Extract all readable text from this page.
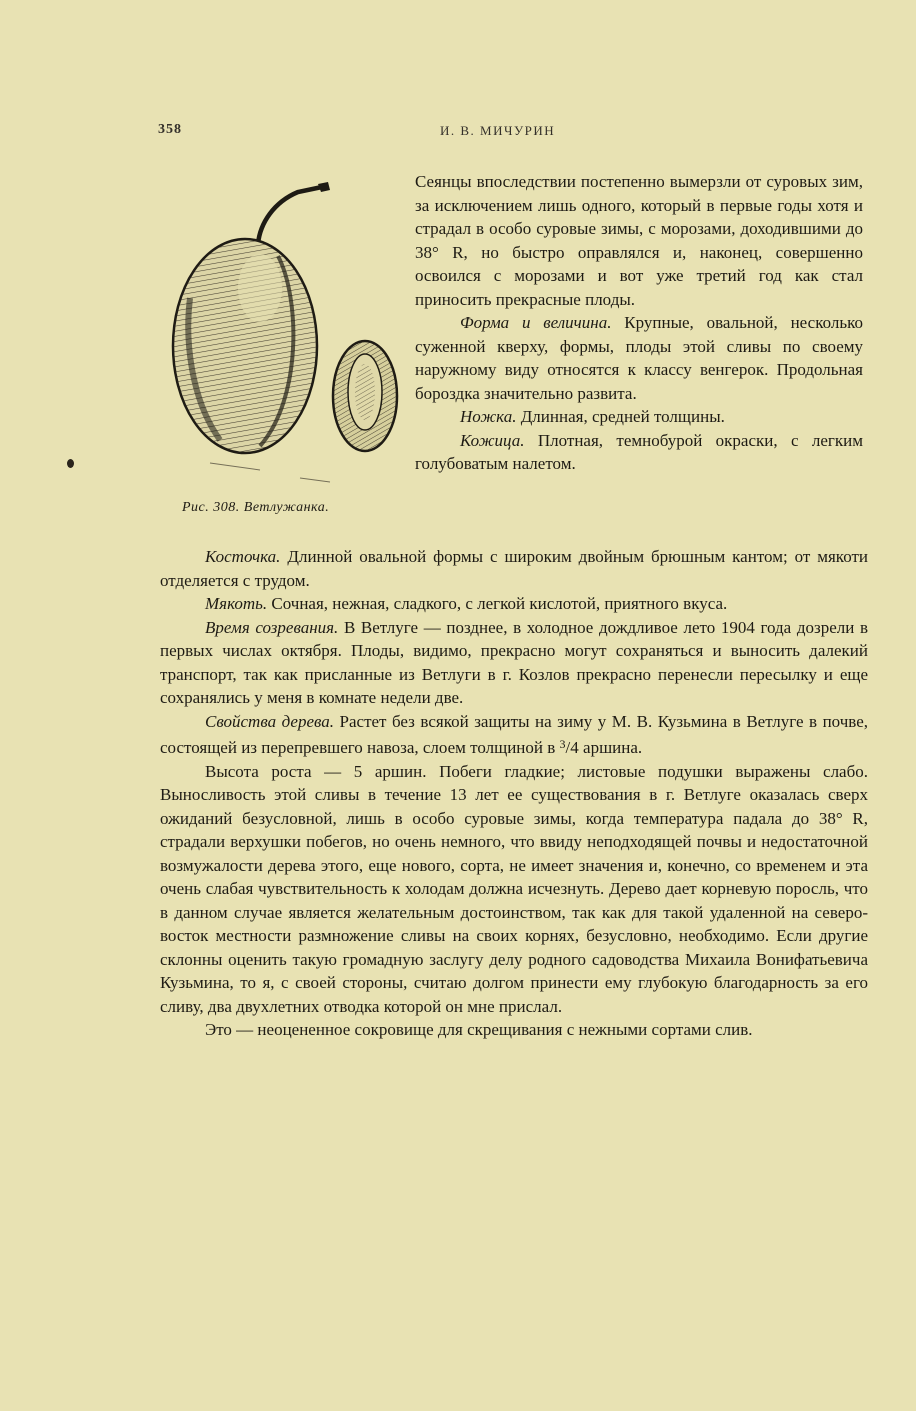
358	И. В. МИЧУРИН
Рис. 308. Ветлужанка.

Сеянцы впоследствии постепенно вымерзли от суровых зим, за исключением лишь одного, который в первые годы хотя и страдал в особо суровые зимы, с морозами, доходившими до 38° R, но быстро оправлялся и, наконец, совершенно освоился с морозами и вот уже третий год как стал приносить прекрасные плоды.

Форма и величина. Крупные, овальной, несколько суженной кверху, формы, плоды этой сливы по своему наружному виду относятся к классу венгерок. Продольная бороздка значительно развита.

Ножка. Длинная, средней толщины.

Кожица. Плотная, темнобурой окраски, с легким голубоватым налетом.

Косточка. Длинной овальной формы с широким двойным брюшным кантом; от мякоти отделяется с трудом.

Мякоть. Сочная, нежная, сладкого, с легкой кислотой, приятного вкуса.

Время созревания. В Ветлуге — позднее, в холодное дождливое лето 1904 года дозрели в первых числах октября. Плоды, видимо, прекрасно могут сохраняться и выносить далекий транспорт, так как присланные из Ветлуги в г. Козлов прекрасно перенесли пересылку и еще сохранялись у меня в комнате недели две.

Свойства дерева. Растет без всякой защиты на зиму у М. В. Кузьмина в Ветлуге в почве, состоящей из перепревшего навоза, слоем толщиной в $^3$/4 аршина.

Высота роста — 5 аршин. Побеги гладкие; листовые подушки выражены слабо. Выносливость этой сливы в течение 13 лет ее существования в г. Ветлуге оказалась сверх ожиданий безусловной, лишь в особо суровые зимы, когда температура падала до 38° R, страдали верхушки побегов, но очень немного, что ввиду неподходящей почвы и недостаточной возмужалости дерева этого, еще нового, сорта, не имеет значения и, конечно, со временем и эта очень слабая чувствительность к холодам должна исчезнуть. Дерево дает корневую поросль, что в данном случае является желательным достоинством, так как для такой удаленной на северо-восток местности размножение сливы на своих корнях, безусловно, необходимо. Если другие склонны оценить такую громадную заслугу делу родного садоводства Михаила Вонифатьевича Кузьмина, то я, с своей стороны, считаю долгом принести ему глубокую благодарность за его сливу, два двухлетних отводка которой он мне прислал.

Это — неоцененное сокровище для скрещивания с нежными сортами слив.
